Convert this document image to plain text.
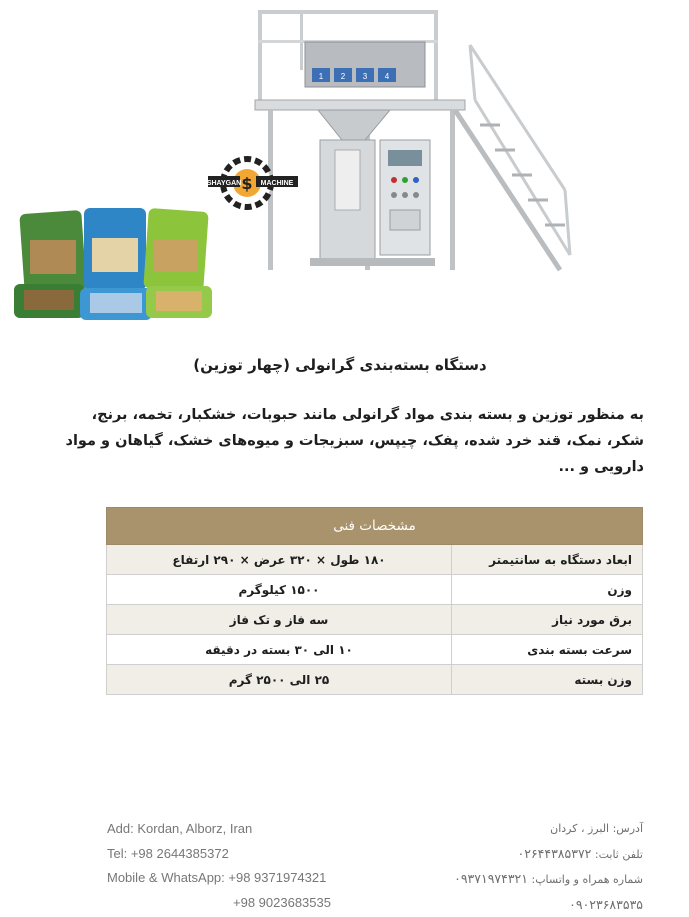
1 2 3 4
$
SHAYGAN	MACHINE
دستگاه بسته‌بندی گرانولی (چهار توزین)
به منظور توزین و بسته بندی مواد گرانولی مانند حبوبات، خشکبار، تخمه، برنج، شکر، نمک، قند خرد شده، پفک، چیپس، سبزیجات و میوه‌های خشک، گیاهان و مواد دارویی و ...
مشخصات فنی	
ابعاد دستگاه به سانتیمتر	۱۸۰ طول × ۳۲۰ عرض × ۲۹۰ ارتفاع
وزن	۱۵۰۰ کیلوگرم
برق مورد نیاز	سه فاز و تک فاز
سرعت بسته بندی	۱۰ الی ۳۰ بسته در دقیقه
وزن بسته	۲۵ الی ۲۵۰۰ گرم
Add: Kordan, Alborz, Iran
Tel: +98 2644385372
Mobile & WhatsApp: +98 9371974321
+98 9023683535
آدرس: البرز ، کردان
تلفن ثابت: ۰۲۶۴۴۳۸۵۳۷۲
شماره همراه و واتساپ: ۰۹۳۷۱۹۷۴۳۲۱
۰۹۰۲۳۶۸۳۵۳۵
